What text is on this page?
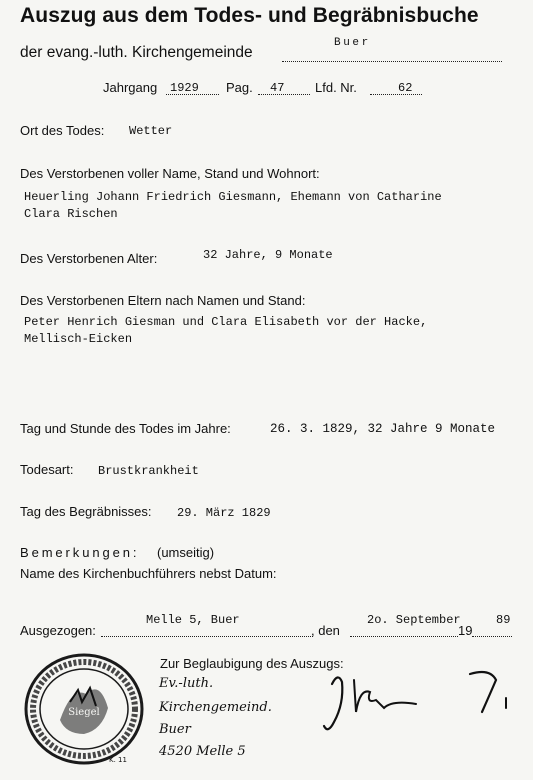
Auszug aus dem Todes- und Begräbnisbuche
der evang.-luth. Kirchengemeinde
Buer
Jahrgang 1929 Pag. 47 Lfd. Nr.	62
Ort des Todes: Wetter
Des Verstorbenen voller Name, Stand und Wohnort:
Heuerling Johann Friedrich Giesmann, Ehemann von Catharine
Clara Rischen
Des Verstorbenen Alter:	32 Jahre, 9 Monate
Des Verstorbenen Eltern nach Namen und Stand:
Peter Henrich Giesman und Clara Elisabeth vor der Hacke,
Mellisch-Eicken
Tag und Stunde des Todes im Jahre:	26. 3. 1829, 32 Jahre 9 Monate
Todesart: Brustkrankheit
Tag des Begräbnisses: 29. März 1829
Bemerkungen: (umseitig)
Name des Kirchenbuchführers nebst Datum:
Ausgezogen:
Melle 5, Buer
, den
2o. September
19
89
Zur Beglaubigung des Auszugs:
Ev.-luth.
Kirchengemeind.
Buer
4520 Melle 5
Siegel
K. 11
